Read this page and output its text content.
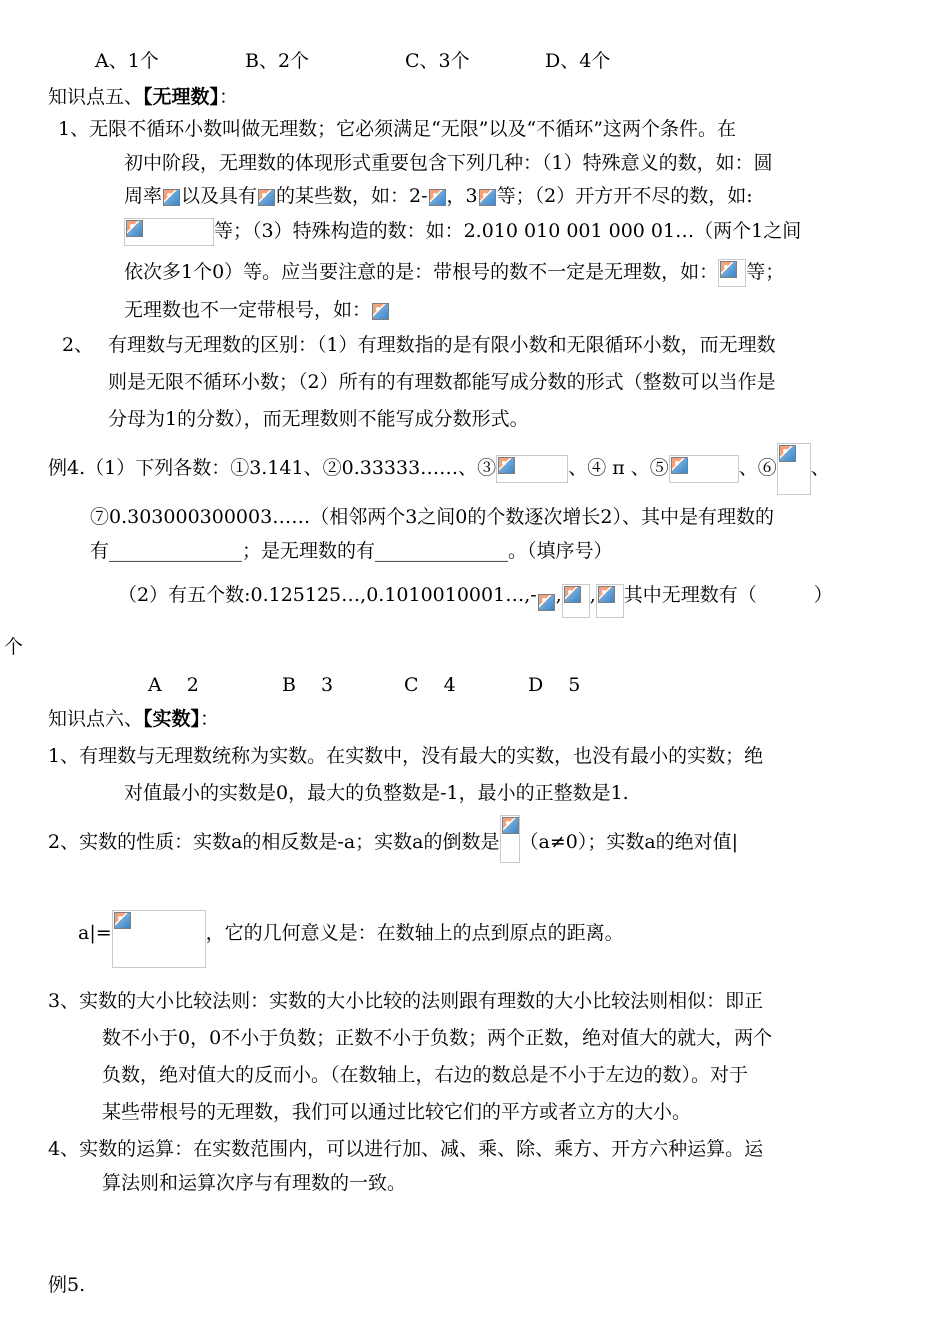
A、1个	B、2个	C、3个	D、4个
知识点五、【无理数】：
1、无限不循环小数叫做无理数；它必须满足“无限”以及“不循环”这两个条件。在
初中阶段，无理数的体现形式重要包含下列几种：（1）特殊意义的数，如：圆
周率 以及具有 的某些数，如：2- ，3 等；（2）开方开不尽的数，如:
等；（3）特殊构造的数：如：2.010 010 001 000 01…（两个1之间
依次多1个0）等。应当要注意的是：带根号的数不一定是无理数，如： 等；
无理数也不一定带根号，如：
2、 有理数与无理数的区别：（1）有理数指的是有限小数和无限循环小数，而无理数
则是无限不循环小数；（2）所有的有理数都能写成分数的形式（整数可以当作是
分母为1的分数），而无理数则不能写成分数形式。
例4.（1）下列各数：①3.141、②0.33333……、③	、④ π 、⑤	、⑥ 、
⑦0.303000300003……（相邻两个3之间0的个数逐次增长2）、其中是有理数的
有______________；是无理数的有______________。（填序号）
（2）有五个数:0.125125…,0.1010010001…,- , , 其中无理数有（　　　）
个
A　 2	B　 3	C　 4	D　 5
知识点六、【实数】：
1、有理数与无理数统称为实数。在实数中，没有最大的实数，也没有最小的实数；绝
对值最小的实数是0，最大的负整数是-1，最小的正整数是1.
2、实数的性质：实数a的相反数是-a；实数a的倒数是 （a≠0）；实数a的绝对值|
a|=	，它的几何意义是：在数轴上的点到原点的距离。
3、实数的大小比较法则：实数的大小比较的法则跟有理数的大小比较法则相似：即正
数不小于0，0不小于负数；正数不小于负数；两个正数，绝对值大的就大，两个
负数，绝对值大的反而小。（在数轴上，右边的数总是不小于左边的数）。对于
某些带根号的无理数，我们可以通过比较它们的平方或者立方的大小。
4、实数的运算：在实数范围内，可以进行加、减、乘、除、乘方、开方六种运算。运
算法则和运算次序与有理数的一致。
例5.
